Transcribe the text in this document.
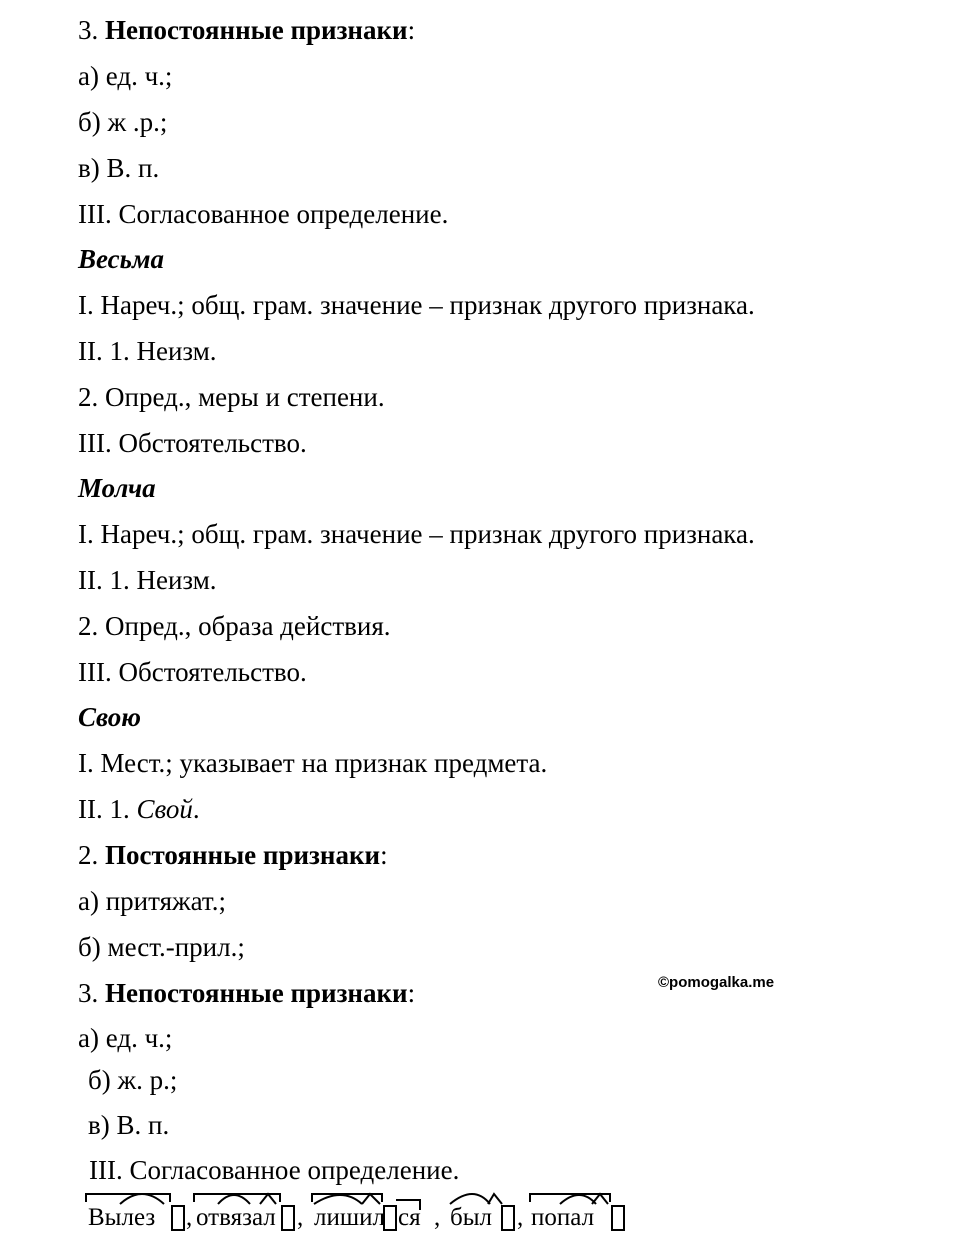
3. Непостоянные признаки:
а) ед. ч.;
б) ж .р.;
в) В. п.
III. Согласованное определение.
Весьма
I. Нареч.; общ. грам. значение – признак другого признака.
II. 1. Неизм.
2. Опред., меры и степени.
III. Обстоятельство.
Молча
I. Нареч.; общ. грам. значение – признак другого признака.
II. 1. Неизм.
2. Опред., образа действия.
III. Обстоятельство.
Свою
I. Мест.; указывает на признак предмета.
II. 1. Свой.
2. Постоянные признаки:
а) притяжат.;
б) мест.-прил.;
3. Непостоянные признаки:	©pomogalka.me
а) ед. ч.;
б) ж. р.;
в) В. п.
III. Согласованное определение.
Вылез , отвязал , лишил ся , был , попал
